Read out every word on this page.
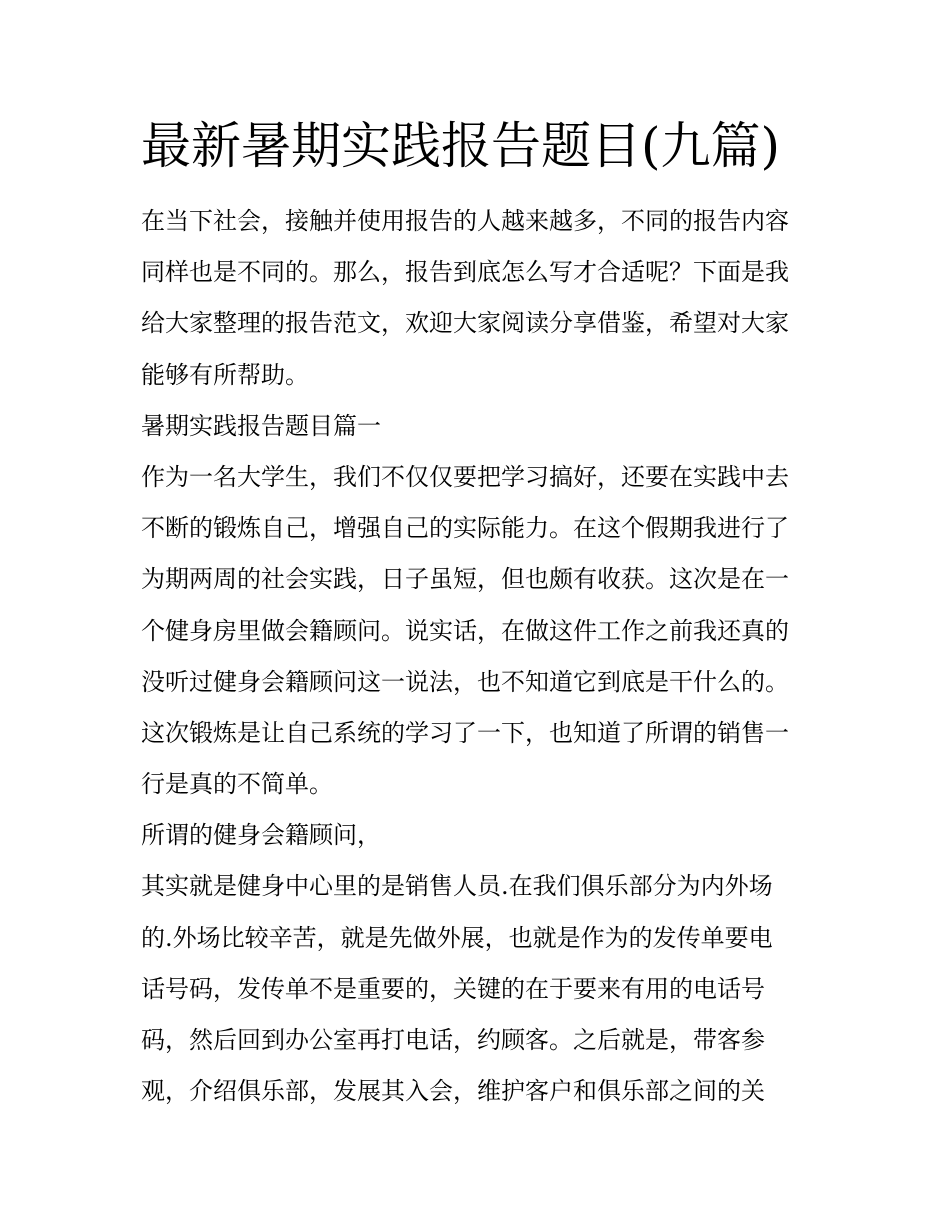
最新暑期实践报告题目(九篇)
在当下社会，接触并使用报告的人越来越多，不同的报告内容
同样也是不同的。那么，报告到底怎么写才合适呢？下面是我
给大家整理的报告范文，欢迎大家阅读分享借鉴，希望对大家
能够有所帮助。
暑期实践报告题目篇一
作为一名大学生，我们不仅仅要把学习搞好，还要在实践中去
不断的锻炼自己，增强自己的实际能力。在这个假期我进行了
为期两周的社会实践，日子虽短，但也颇有收获。这次是在一
个健身房里做会籍顾问。说实话，在做这件工作之前我还真的
没听过健身会籍顾问这一说法，也不知道它到底是干什么的。
这次锻炼是让自己系统的学习了一下，也知道了所谓的销售一
行是真的不简单。
所谓的健身会籍顾问，
其实就是健身中心里的是销售人员.在我们俱乐部分为内外场
的.外场比较辛苦，就是先做外展，也就是作为的发传单要电
话号码，发传单不是重要的，关键的在于要来有用的电话号
码，然后回到办公室再打电话，约顾客。之后就是，带客参
观，介绍俱乐部，发展其入会，维护客户和俱乐部之间的关
